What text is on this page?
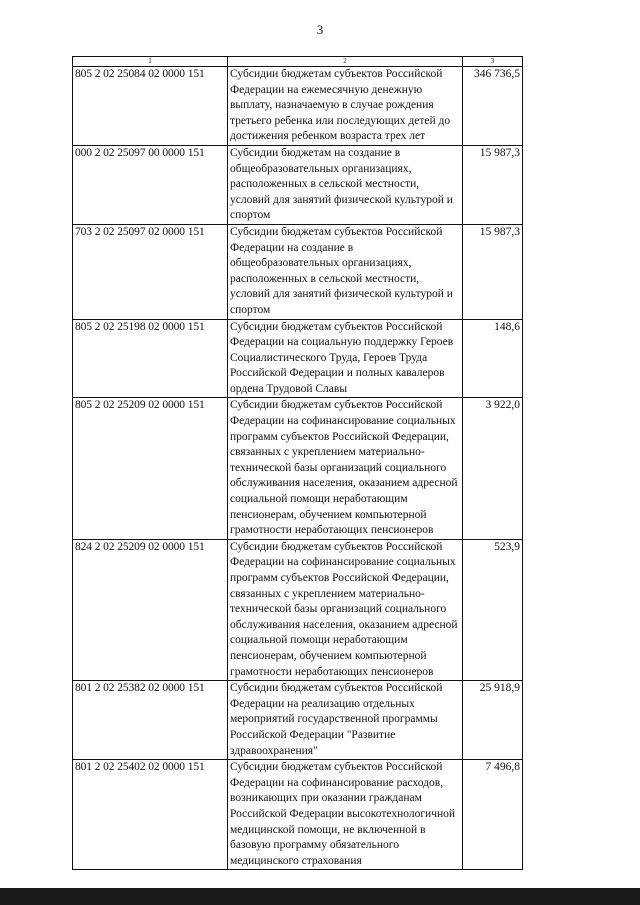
3
1	2	3
805 2 02 25084 02 0000 151	Субсидии бюджетам субъектов Российской Федерации на ежемесячную денежную выплату, назначаемую в случае рождения третьего ребенка или последующих детей до достижения ребенком возраста трех лет	346 736,5
000 2 02 25097 00 0000 151	Субсидии бюджетам на создание в общеобразовательных организациях, расположенных в сельской местности, условий для занятий физической культурой и спортом	15 987,3
703 2 02 25097 02 0000 151	Субсидии бюджетам субъектов Российской Федерации на создание в общеобразовательных организациях, расположенных в сельской местности, условий для занятий физической культурой и спортом	15 987,3
805 2 02 25198 02 0000 151	Субсидии бюджетам субъектов Российской Федерации на социальную поддержку Героев Социалистического Труда, Героев Труда Российской Федерации и полных кавалеров ордена Трудовой Славы	148,6
805 2 02 25209 02 0000 151	Субсидии бюджетам субъектов Российской Федерации на софинансирование социальных программ субъектов Российской Федерации, связанных с укреплением материально-технической базы организаций социального обслуживания населения, оказанием адресной социальной помощи неработающим пенсионерам, обучением компьютерной грамотности неработающих пенсионеров	3 922,0
824 2 02 25209 02 0000 151	Субсидии бюджетам субъектов Российской Федерации на софинансирование социальных программ субъектов Российской Федерации, связанных с укреплением материально-технической базы организаций социального обслуживания населения, оказанием адресной социальной помощи неработающим пенсионерам, обучением компьютерной грамотности неработающих пенсионеров	523,9
801 2 02 25382 02 0000 151	Субсидии бюджетам субъектов Российской Федерации на реализацию отдельных мероприятий государственной программы Российской Федерации "Развитие здравоохранения"	25 918,9
801 2 02 25402 02 0000 151	Субсидии бюджетам субъектов Российской Федерации на софинансирование расходов, возникающих при оказании гражданам Российской Федерации высокотехнологичной медицинской помощи, не включенной в базовую программу обязательного медицинского страхования	7 496,8
